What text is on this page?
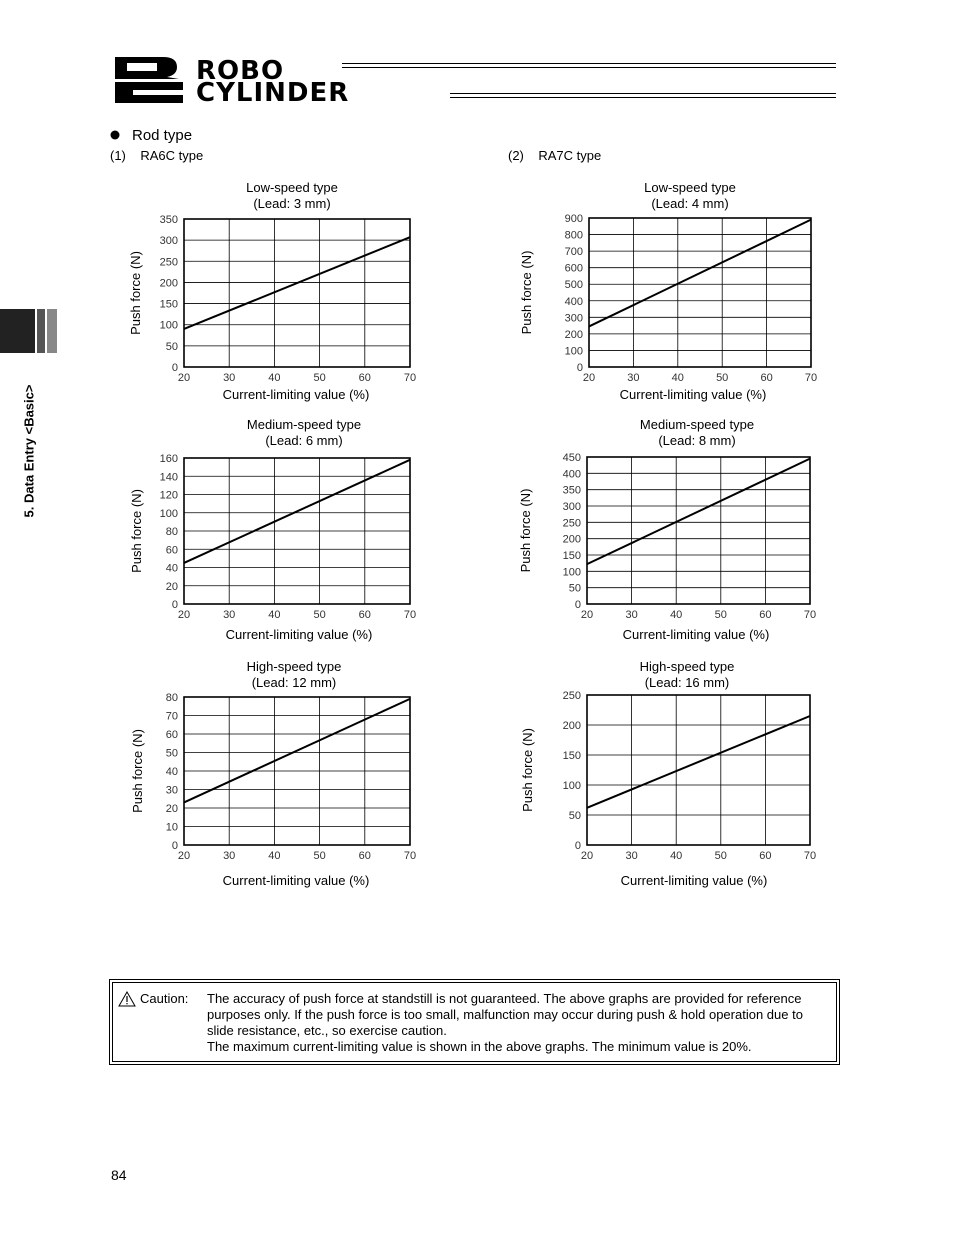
ROBO
CYLINDER
5. Data Entry <Basic>
Rod type
(1)    RA6C type	(2)    RA7C type
Low-speed type
(Lead: 3 mm)
20	30	40	50	60	70
0
50
100
150
200
250
300
350
Current-limiting value (%)
Push force (N)
Low-speed type
(Lead: 4 mm)
20	30	40	50	60	70
0
100
200
300
400
500
600
700
800
900
Current-limiting value (%)
Push force (N)
Medium-speed type
(Lead: 6 mm)
20	30	40	50	60	70
0
20
40
60
80
100
120
140
160
Current-limiting value (%)
Push force (N)
Medium-speed type
(Lead: 8 mm)
20	30	40	50	60	70
0
50
100
150
200
250
300
350
400
450
Current-limiting value (%)
Push force (N)
High-speed type
(Lead: 12 mm)
20	30	40	50	60	70
0
10
20
30
40
50
60
70
80
Current-limiting value (%)
Push force (N)
High-speed type
(Lead: 16 mm)
20	30	40	50	60	70
0
50
100
150
200
250
Current-limiting value (%)
Push force (N)
Caution: The accuracy of push force at standstill is not guaranteed. The above graphs are provided for reference purposes only. If the push force is too small, malfunction may occur during push & hold operation due to slide resistance, etc., so exercise caution.

The maximum current-limiting value is shown in the above graphs. The minimum value is 20%.

84
